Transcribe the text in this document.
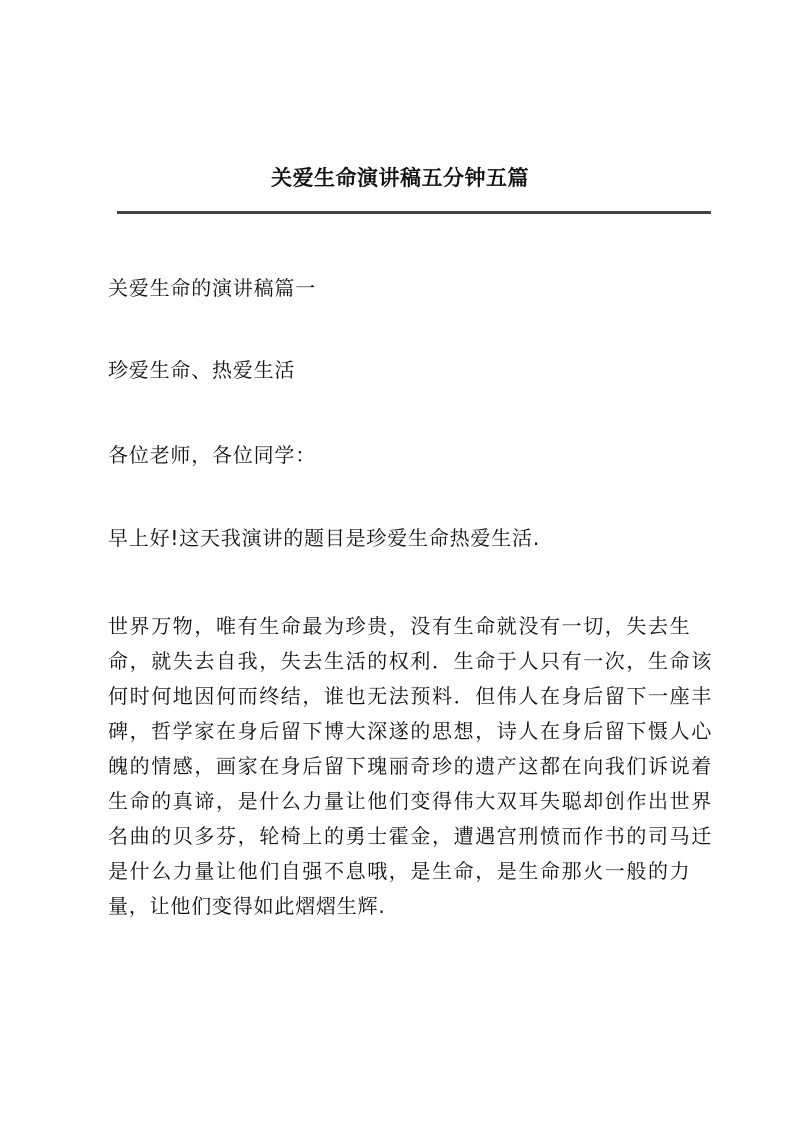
关爱生命演讲稿五分钟五篇

关爱生命的演讲稿篇一

珍爱生命、热爱生活

各位老师，各位同学：

早上好!这天我演讲的题目是珍爱生命热爱生活.

世界万物，唯有生命最为珍贵，没有生命就没有一切，失去生
命，就失去自我，失去生活的权利．生命于人只有一次，生命该
何时何地因何而终结，谁也无法预料．但伟人在身后留下一座丰
碑，哲学家在身后留下博大深遂的思想，诗人在身后留下慑人心
魄的情感，画家在身后留下瑰丽奇珍的遗产这都在向我们诉说着
生命的真谛，是什么力量让他们变得伟大双耳失聪却创作出世界
名曲的贝多芬，轮椅上的勇士霍金，遭遇宫刑愤而作书的司马迁
是什么力量让他们自强不息哦，是生命，是生命那火一般的力
量，让他们变得如此熠熠生辉.
